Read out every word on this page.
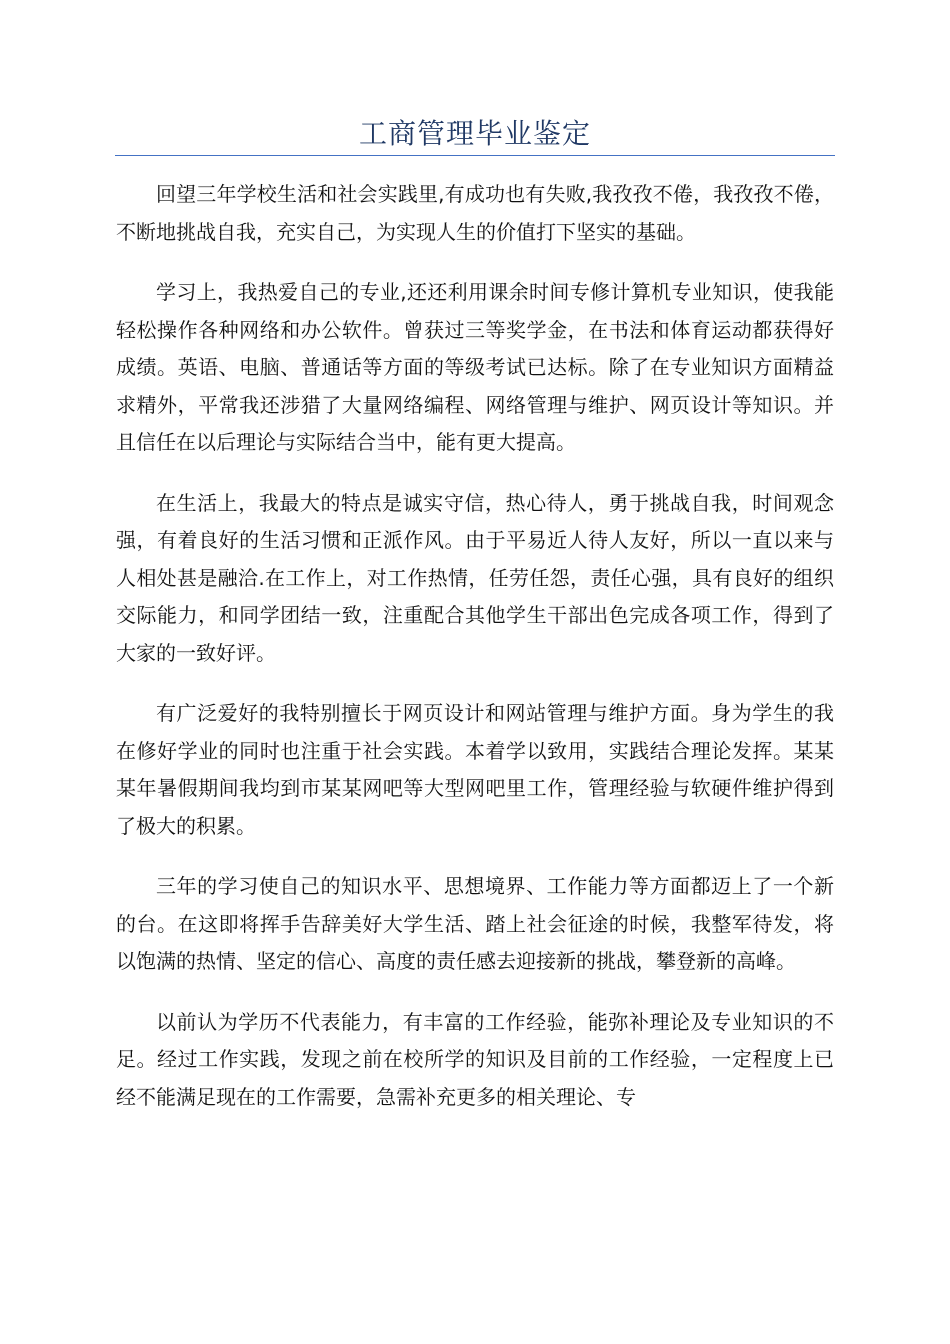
工商管理毕业鉴定

回望三年学校生活和社会实践里,有成功也有失败,我孜孜不倦，我孜孜不倦，不断地挑战自我，充实自己，为实现人生的价值打下坚实的基础。

学习上，我热爱自己的专业,还还利用课余时间专修计算机专业知识，使我能轻松操作各种网络和办公软件。曾获过三等奖学金，在书法和体育运动都获得好成绩。英语、电脑、普通话等方面的等级考试已达标。除了在专业知识方面精益求精外，平常我还涉猎了大量网络编程、网络管理与维护、网页设计等知识。并且信任在以后理论与实际结合当中，能有更大提高。

在生活上，我最大的特点是诚实守信，热心待人，勇于挑战自我，时间观念强，有着良好的生活习惯和正派作风。由于平易近人待人友好，所以一直以来与人相处甚是融洽.在工作上，对工作热情，任劳任怨，责任心强，具有良好的组织交际能力，和同学团结一致，注重配合其他学生干部出色完成各项工作，得到了大家的一致好评。

有广泛爱好的我特别擅长于网页设计和网站管理与维护方面。身为学生的我在修好学业的同时也注重于社会实践。本着学以致用，实践结合理论发挥。某某某年暑假期间我均到市某某网吧等大型网吧里工作，管理经验与软硬件维护得到了极大的积累。

三年的学习使自己的知识水平、思想境界、工作能力等方面都迈上了一个新的台。在这即将挥手告辞美好大学生活、踏上社会征途的时候，我整军待发，将以饱满的热情、坚定的信心、高度的责任感去迎接新的挑战，攀登新的高峰。

以前认为学历不代表能力，有丰富的工作经验，能弥补理论及专业知识的不足。经过工作实践，发现之前在校所学的知识及目前的工作经验，一定程度上已经不能满足现在的工作需要，急需补充更多的相关理论、专
